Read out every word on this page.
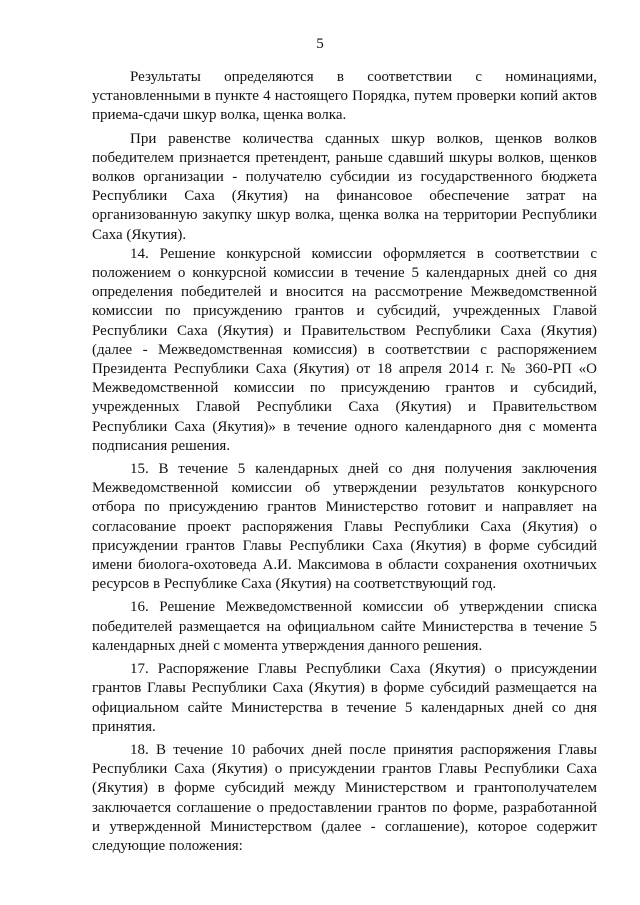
5

Результаты определяются в соответствии с номинациями, установленными в пункте 4 настоящего Порядка, путем проверки копий актов приема-сдачи шкур волка, щенка волка.

При равенстве количества сданных шкур волков, щенков волков победителем признается претендент, раньше сдавший шкуры волков, щенков волков организации - получателю субсидии из государственного бюджета Республики Саха (Якутия) на финансовое обеспечение затрат на организованную закупку шкур волка, щенка волка на территории Республики Саха (Якутия).

14. Решение конкурсной комиссии оформляется в соответствии с положением о конкурсной комиссии в течение 5 календарных дней со дня определения победителей и вносится на рассмотрение Межведомственной комиссии по присуждению грантов и субсидий, учрежденных Главой Республики Саха (Якутия) и Правительством Республики Саха (Якутия) (далее - Межведомственная комиссия) в соответствии с распоряжением Президента Республики Саха (Якутия) от 18 апреля 2014 г. № 360-РП «О Межведомственной комиссии по присуждению грантов и субсидий, учрежденных Главой Республики Саха (Якутия) и Правительством Республики Саха (Якутия)» в течение одного календарного дня с момента подписания решения.

15. В течение 5 календарных дней со дня получения заключения Межведомственной комиссии об утверждении результатов конкурсного отбора по присуждению грантов Министерство готовит и направляет на согласование проект распоряжения Главы Республики Саха (Якутия) о присуждении грантов Главы Республики Саха (Якутия) в форме субсидий имени биолога-охотоведа А.И. Максимова в области сохранения охотничьих ресурсов в Республике Саха (Якутия) на соответствующий год.

16. Решение Межведомственной комиссии об утверждении списка победителей размещается на официальном сайте Министерства в течение 5 календарных дней с момента утверждения данного решения.

17. Распоряжение Главы Республики Саха (Якутия) о присуждении грантов Главы Республики Саха (Якутия) в форме субсидий размещается на официальном сайте Министерства в течение 5 календарных дней со дня принятия.

18. В течение 10 рабочих дней после принятия распоряжения Главы Республики Саха (Якутия) о присуждении грантов Главы Республики Саха (Якутия) в форме субсидий между Министерством и грантополучателем заключается соглашение о предоставлении грантов по форме, разработанной и утвержденной Министерством (далее - соглашение), которое содержит следующие положения:
